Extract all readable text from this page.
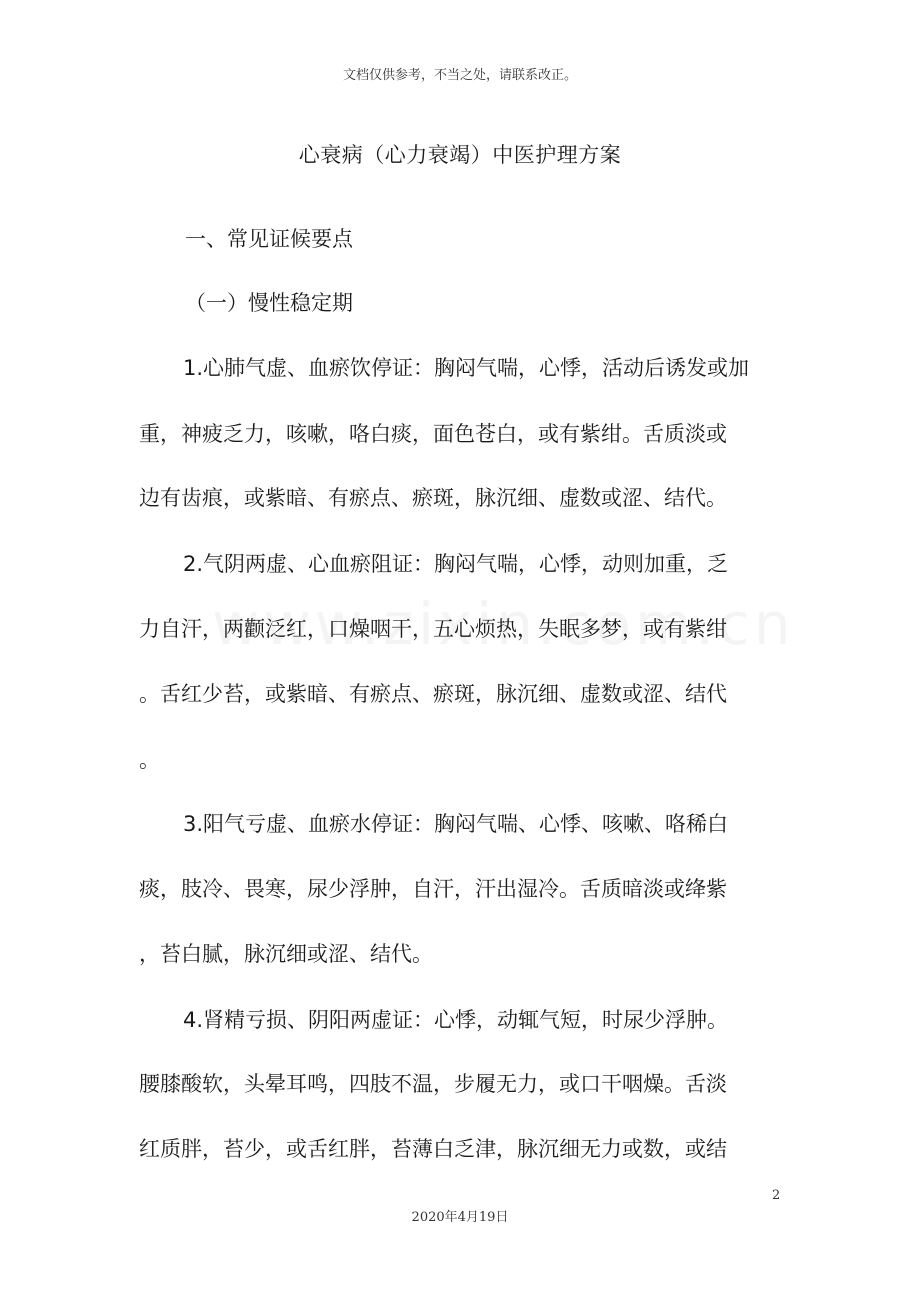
文档仅供参考，不当之处，请联系改正。
心衰病（心力衰竭）中医护理方案
一、常见证候要点
（一）慢性稳定期
1.心肺气虚、血瘀饮停证：胸闷气喘，心悸，活动后诱发或加
重，神疲乏力，咳嗽，咯白痰，面色苍白，或有紫绀。舌质淡或
边有齿痕，或紫暗、有瘀点、瘀斑，脉沉细、虚数或涩、结代。
2.气阴两虚、心血瘀阻证：胸闷气喘，心悸，动则加重，乏
力自汗，两颧泛红，口燥咽干，五心烦热，失眠多梦，或有紫绀
。舌红少苔，或紫暗、有瘀点、瘀斑，脉沉细、虚数或涩、结代
。
3.阳气亏虚、血瘀水停证：胸闷气喘、心悸、咳嗽、咯稀白
痰，肢冷、畏寒，尿少浮肿，自汗，汗出湿冷。舌质暗淡或绛紫
，苔白腻，脉沉细或涩、结代。
4.肾精亏损、阴阳两虚证：心悸，动辄气短，时尿少浮肿。
腰膝酸软，头晕耳鸣，四肢不温，步履无力，或口干咽燥。舌淡
红质胖，苔少，或舌红胖，苔薄白乏津，脉沉细无力或数，或结
2
2020年4月19日
